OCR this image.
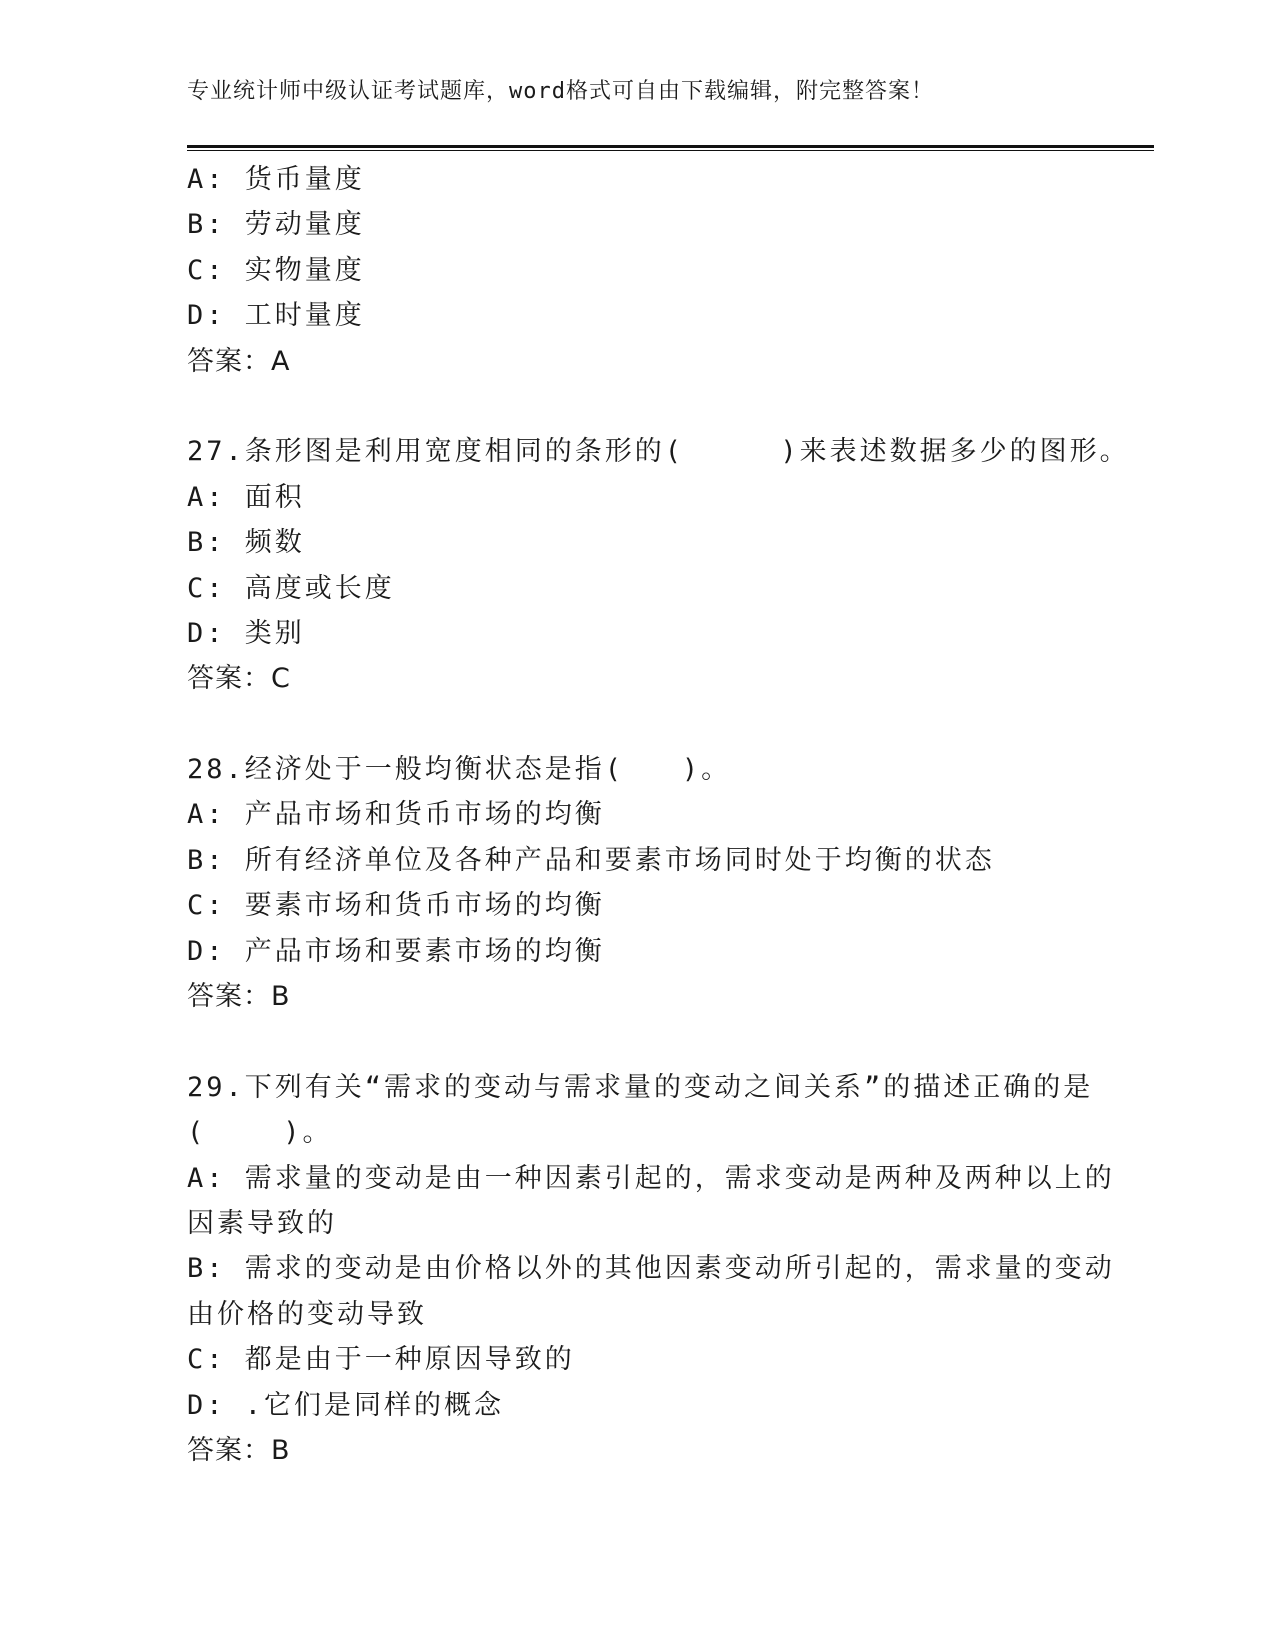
专业统计师中级认证考试题库，word格式可自由下载编辑，附完整答案！
A: 货币量度
B: 劳动量度
C: 实物量度
D: 工时量度
答案：A
27.条形图是利用宽度相同的条形的(	)来表述数据多少的图形。
A: 面积
B: 频数
C: 高度或长度
D: 类别
答案：C
28.经济处于一般均衡状态是指( )。
A: 产品市场和货币市场的均衡
B: 所有经济单位及各种产品和要素市场同时处于均衡的状态
C: 要素市场和货币市场的均衡
D: 产品市场和要素市场的均衡
答案：B
29.下列有关“需求的变动与需求量的变动之间关系”的描述正确的是
(    )。
A: 需求量的变动是由一种因素引起的，需求变动是两种及两种以上的
因素导致的
B: 需求的变动是由价格以外的其他因素变动所引起的，需求量的变动
由价格的变动导致
C: 都是由于一种原因导致的
D: .它们是同样的概念
答案：B
